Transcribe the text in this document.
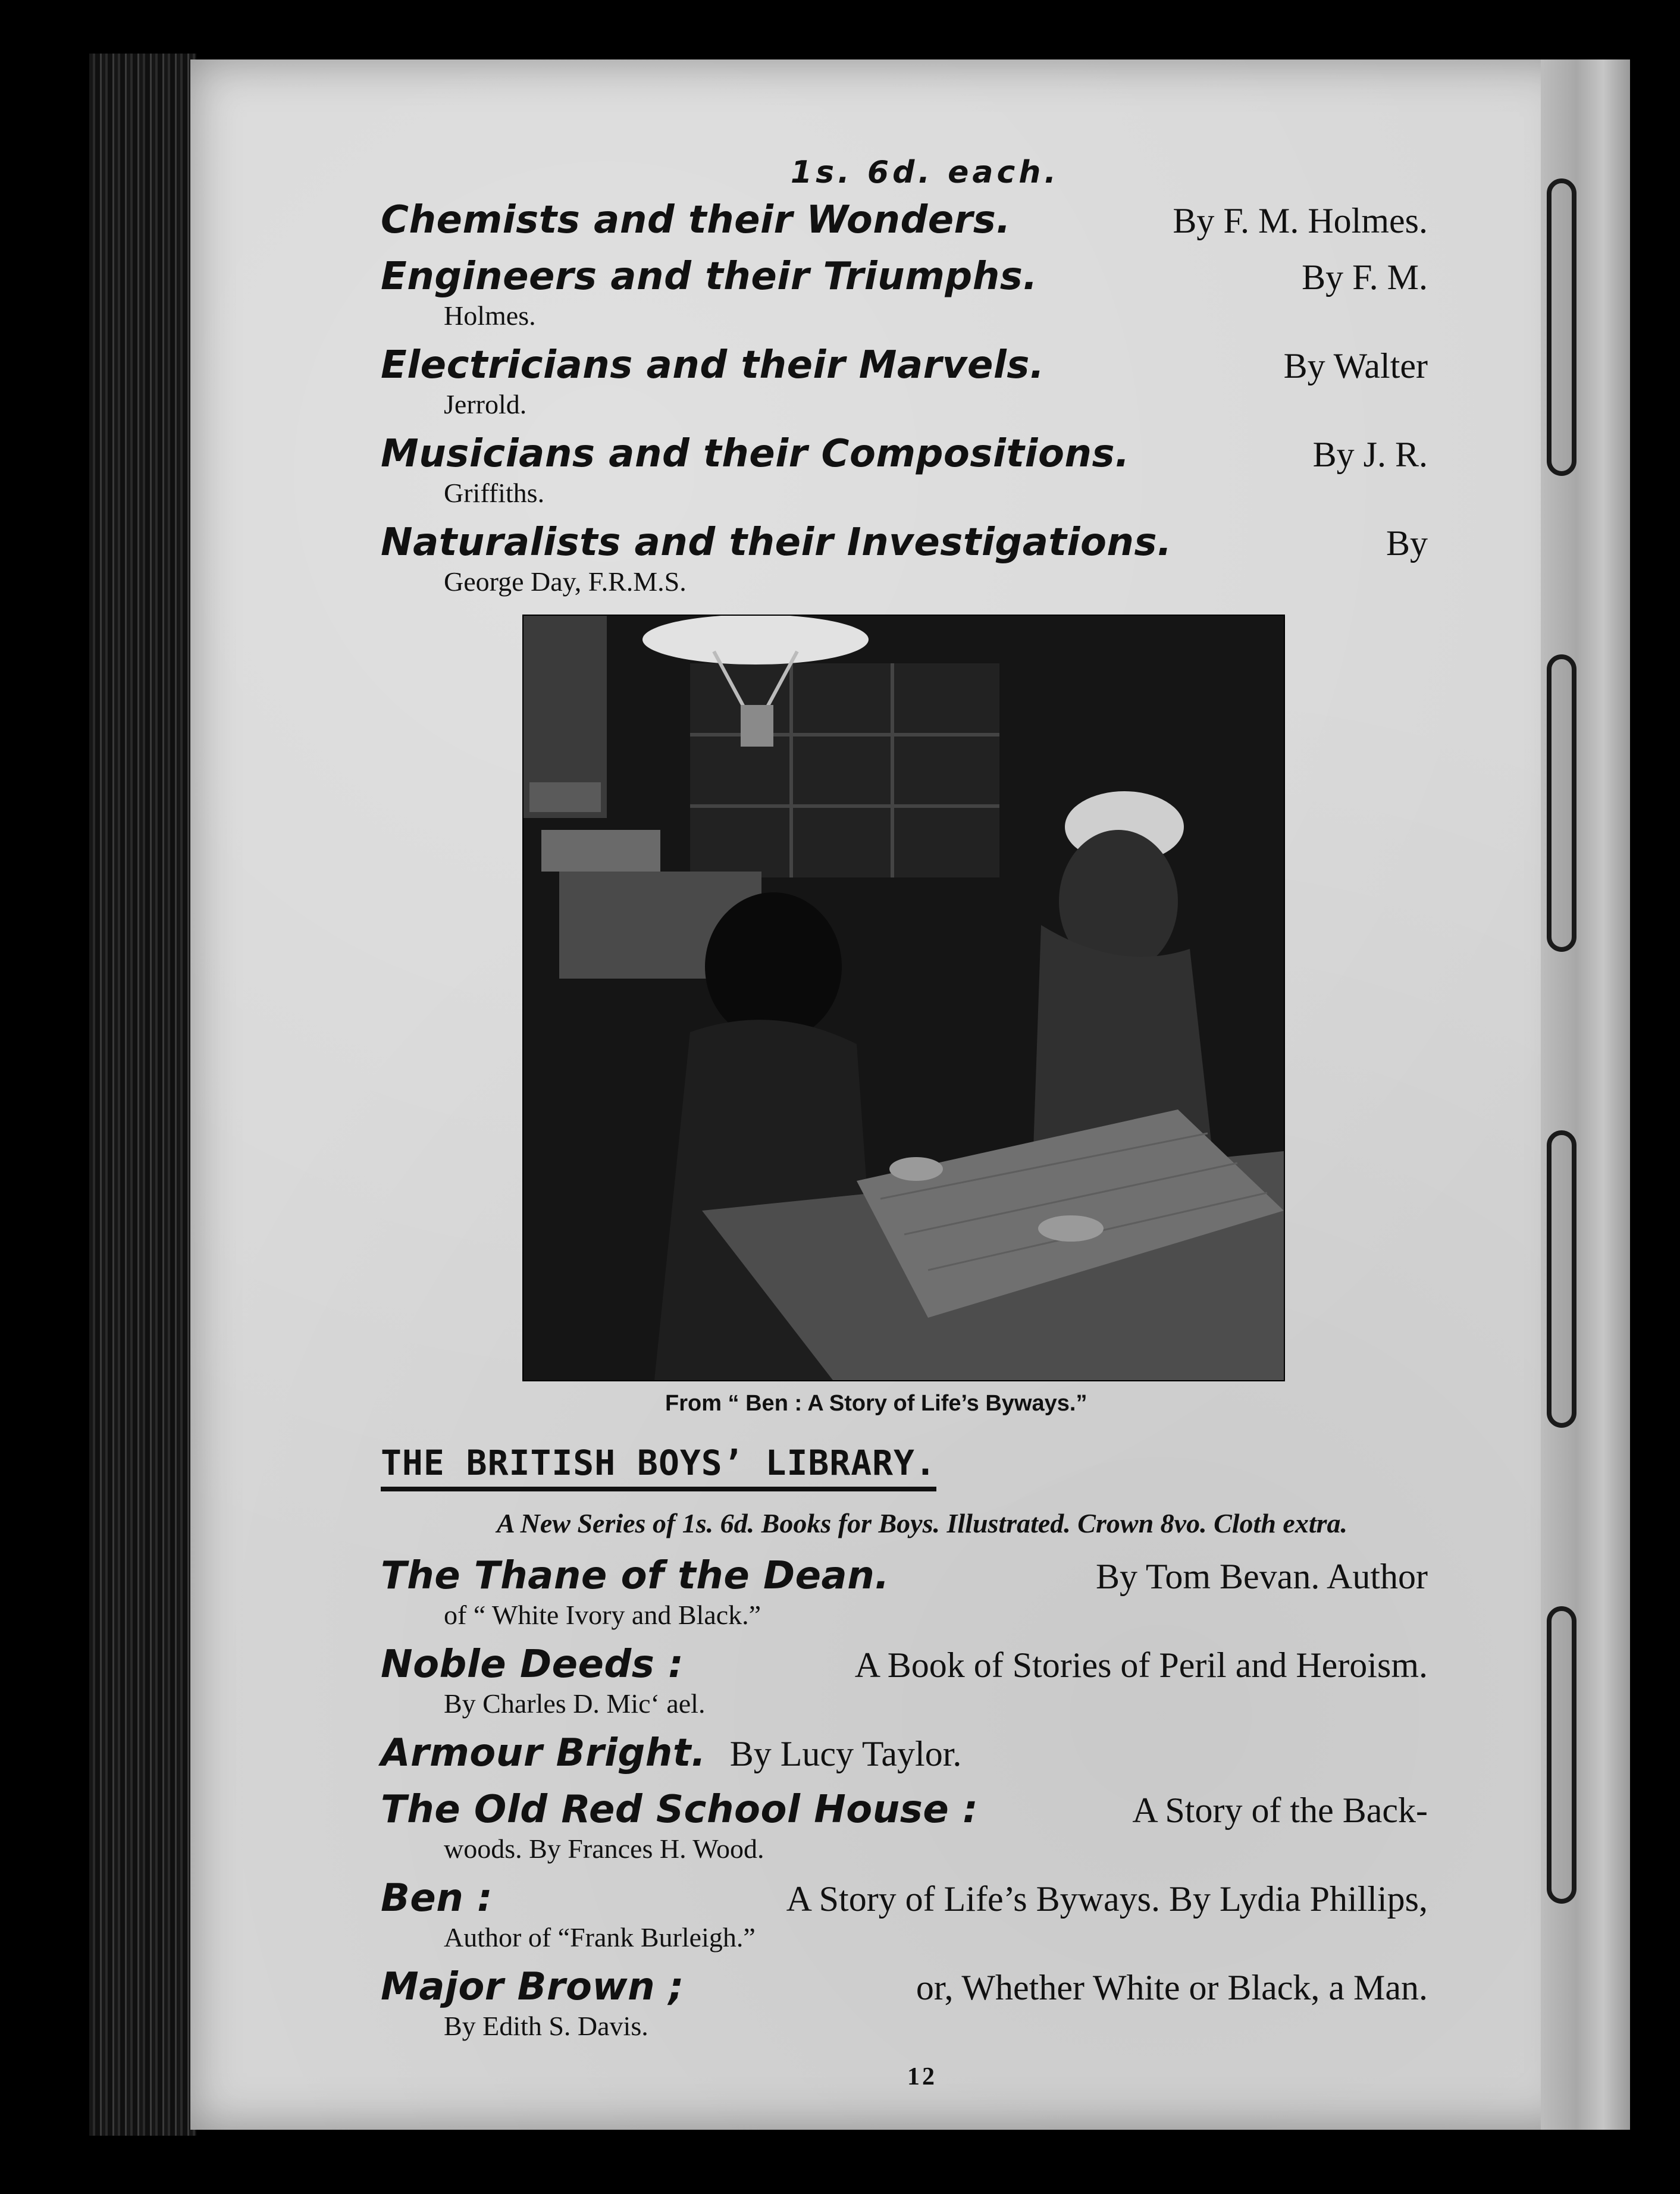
1s. 6d. each.
Chemists and their Wonders.	By F. M. Holmes.
Engineers and their Triumphs.	By F. M.
Holmes.
Electricians and their Marvels.	By Walter
Jerrold.
Musicians and their Compositions.	By J. R.
Griffiths.
Naturalists and their Investigations.	By
George Day, F.R.M.S.
From “ Ben : A Story of Life’s Byways.”
THE BRITISH BOYS’ LIBRARY.
A New Series of 1s. 6d. Books for Boys. Illustrated. Crown 8vo. Cloth extra.
The Thane of the Dean.	By Tom Bevan. Author
of “ White Ivory and Black.”
Noble Deeds :	A Book of Stories of Peril and Heroism.
By Charles D. Mic‘ ael.
Armour Bright. By Lucy Taylor.
The Old Red School House :	A Story of the Back-
woods. By Frances H. Wood.
Ben :	A Story of Life’s Byways. By Lydia Phillips,
Author of “Frank Burleigh.”
Major Brown ;	or, Whether White or Black, a Man.
By Edith S. Davis.
12
